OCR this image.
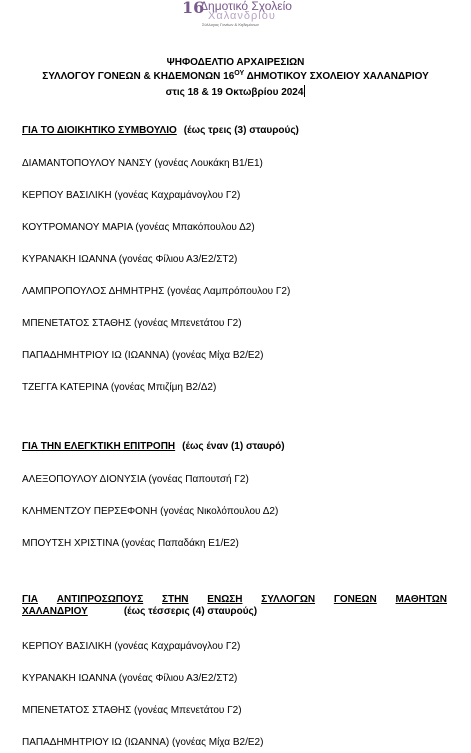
16
Δημοτικό Σχολείο
Χαλανδρίου
Σύλλογος Γονέων & Κηδεμόνων
ΨΗΦΟΔΕΛΤΙΟ ΑΡΧΑΙΡΕΣΙΩΝ
ΣΥΛΛΟΓΟΥ ΓΟΝΕΩΝ & ΚΗΔΕΜΟΝΩΝ $16^{O\Upsilon}$ ΔΗΜΟΤΙΚΟΥ ΣΧΟΛΕΙΟΥ ΧΑΛΑΝΔΡΙΟΥ
στις 18 & 19 Οκτωβρίου 2024
ΓΙΑ ΤΟ ΔΙΟΙΚΗΤΙΚΟ ΣΥΜΒΟΥΛΙΟ (έως τρεις (3) σταυρούς)
ΔΙΑΜΑΝΤΟΠΟΥΛΟΥ ΝΑΝΣΥ (γονέας Λουκάκη Β1/Ε1)
ΚΕΡΠΟΥ ΒΑΣΙΛΙΚΗ (γονέας Καχραμάνογλου Γ2)
ΚΟΥΤΡΟΜΑΝΟΥ ΜΑΡΙΑ (γονέας Μπακόπουλου Δ2)
ΚΥΡΑΝΑΚΗ ΙΩΑΝΝΑ (γονέας Φίλιου Α3/Ε2/ΣΤ2)
ΛΑΜΠΡΟΠΟΥΛΟΣ ΔΗΜΗΤΡΗΣ (γονέας Λαμπρόπουλου Γ2)
ΜΠΕΝΕΤΑΤΟΣ ΣΤΑΘΗΣ (γονέας Μπενετάτου Γ2)
ΠΑΠΑΔΗΜΗΤΡΙΟΥ ΙΩ (ΙΩΑΝΝΑ) (γονέας Μίχα Β2/Ε2)
ΤΖΕΓΓΑ ΚΑΤΕΡΙΝΑ (γονέας Μπιζίμη Β2/Δ2)
ΓΙΑ ΤΗΝ ΕΛΕΓΚΤΙΚΗ ΕΠΙΤΡΟΠΗ (έως έναν (1) σταυρό)
ΑΛΕΞΟΠΟΥΛΟΥ ΔΙΟΝΥΣΙΑ (γονέας Παπουτσή Γ2)
ΚΛΗΜΕΝΤΖΟΥ ΠΕΡΣΕΦΟΝΗ (γονέας Νικολόπουλου Δ2)
ΜΠΟΥΤΣΗ ΧΡΙΣΤΙΝΑ (γονέας Παπαδάκη Ε1/Ε2)
ΓΙΑ ΑΝΤΙΠΡΟΣΩΠΟΥΣ ΣΤΗΝ ΕΝΩΣΗ ΣΥΛΛΟΓΩΝ ΓΟΝΕΩΝ ΜΑΘΗΤΩΝ
ΧΑΛΑΝΔΡΙΟΥ	(έως τέσσερις (4) σταυρούς)
ΚΕΡΠΟΥ ΒΑΣΙΛΙΚΗ (γονέας Καχραμάνογλου Γ2)
ΚΥΡΑΝΑΚΗ ΙΩΑΝΝΑ (γονέας Φίλιου Α3/Ε2/ΣΤ2)
ΜΠΕΝΕΤΑΤΟΣ ΣΤΑΘΗΣ (γονέας Μπενετάτου Γ2)
ΠΑΠΑΔΗΜΗΤΡΙΟΥ ΙΩ (ΙΩΑΝΝΑ) (γονέας Μίχα Β2/Ε2)
